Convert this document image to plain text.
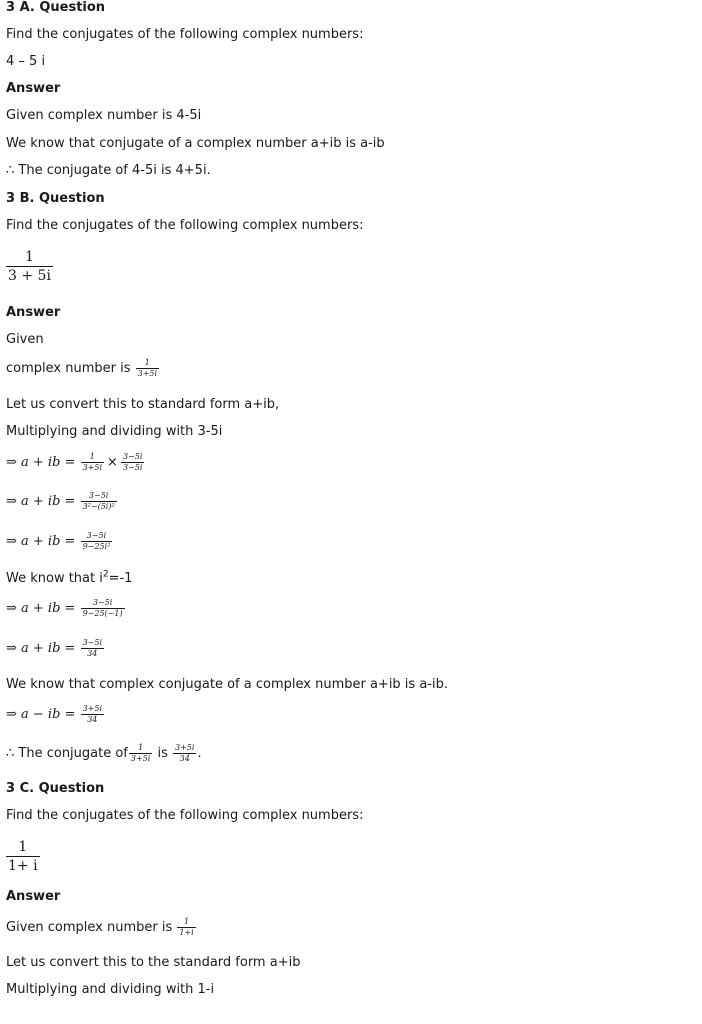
3 A. Question
Find the conjugates of the following complex numbers:
4 – 5 i
Answer
Given complex number is 4-5i
We know that conjugate of a complex number a+ib is a-ib
∴ The conjugate of 4-5i is 4+5i.
3 B. Question
Find the conjugates of the following complex numbers:
$\frac{1}{3 + 5i}$
Answer
Given
complex number is $\frac{1}{3+5i}$
Let us convert this to standard form a+ib,
Multiplying and dividing with 3-5i
⇒ a + ib = $\frac{1}{3+5i} \times \frac{3-5i}{3-5i}$
⇒ a + ib = $\frac{3-5i}{\text{3²−(5i)²}}$
⇒ a + ib = $\frac{3-5i}{\text{9−25i²}}$
We know that $i^2=-1$
⇒ a + ib = $\frac{3-5i}{9-25(-1)}$
⇒ a + ib = $\frac{3-5i}{34}$
We know that complex conjugate of a complex number a+ib is a-ib.
⇒ a − ib = $\frac{3+5i}{34}$
∴ The conjugate of $\frac{1}{3+5i}$ is $\frac{3+5i}{34}$ .
3 C. Question
Find the conjugates of the following complex numbers:
$\frac{1}{1+ i}$
Answer
Given complex number is $\frac{1}{1+i}$
Let us convert this to the standard form a+ib
Multiplying and dividing with 1-i
